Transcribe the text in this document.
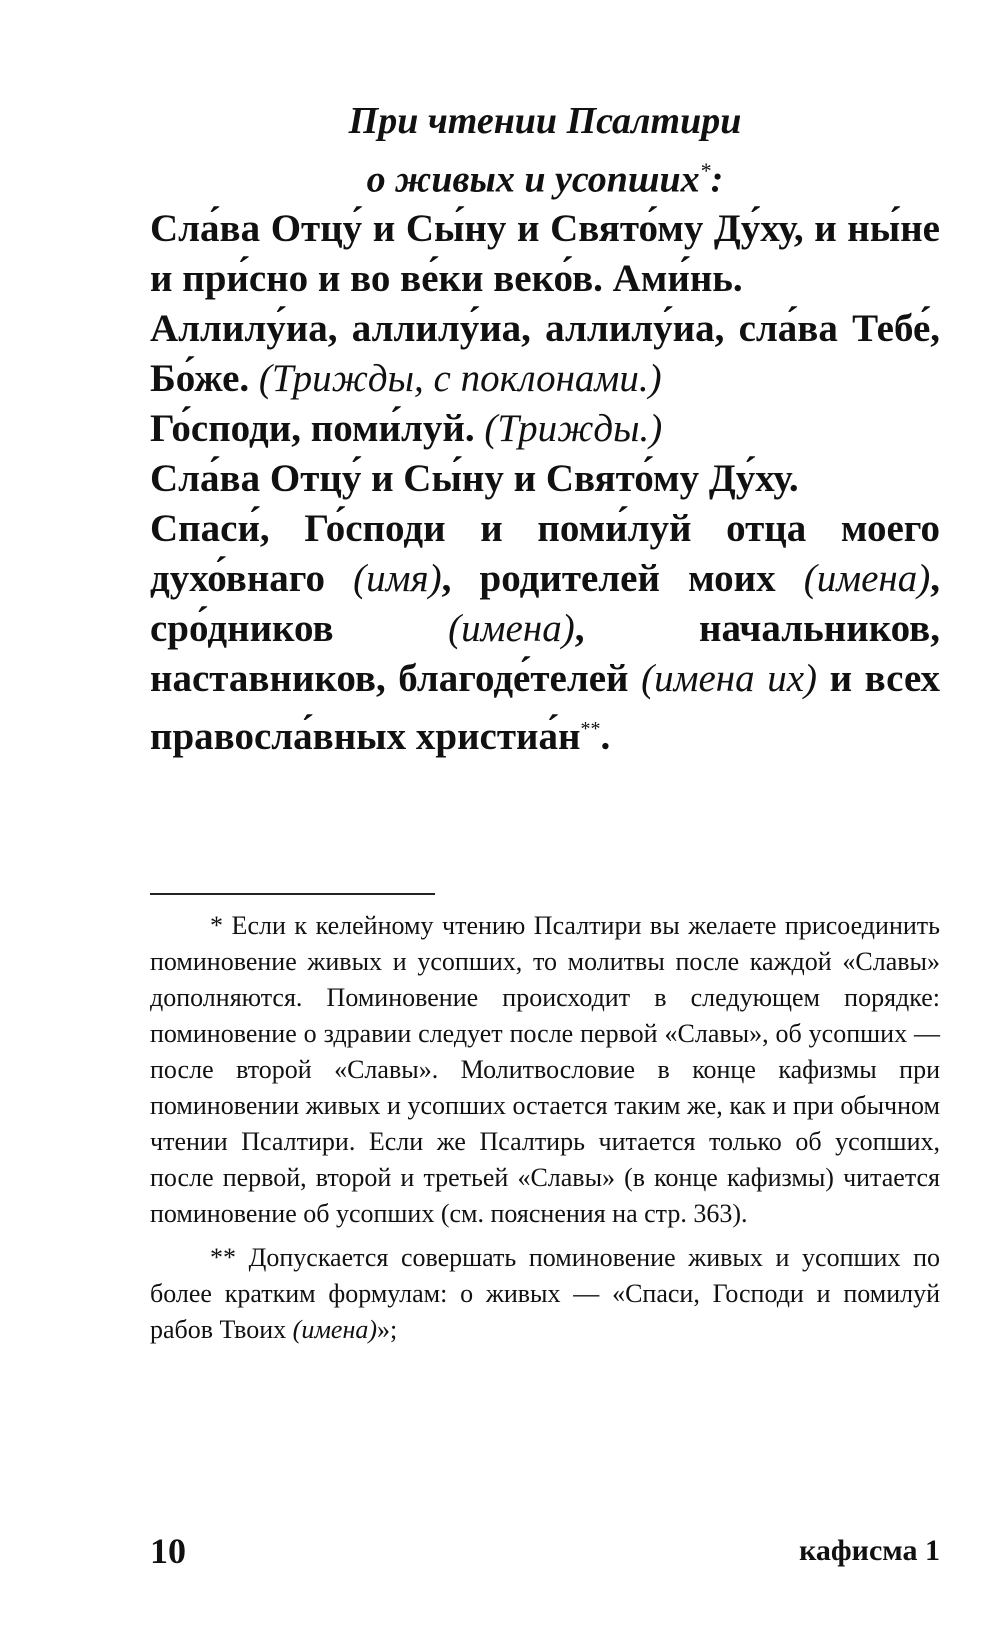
При чтении Псалтири
о живых и усопших*:

Сла́ва Отцу́ и Сы́ну и Свято́му Ду́ху, и ны́не и при́сно и во ве́ки веко́в. Ами́нь.

Аллилу́иа, аллилу́иа, аллилу́иа, сла́ва Тебе́, Бо́же. (Трижды, с поклонами.)

Го́споди, поми́луй. (Трижды.)

Сла́ва Отцу́ и Сы́ну и Свято́му Ду́ху.

Спаси́, Го́споди и поми́луй отца моего духо́внаго (имя), родителей моих (имена), сро́дников (имена), начальников, наставников, благоде́телей (имена их) и всех правосла́вных христиа́н**.

* Если к келейному чтению Псалтири вы желаете присоединить поминовение живых и усопших, то молитвы после каждой «Славы» дополняются. Поминовение происходит в следующем порядке: поминовение о здравии следует после первой «Славы», об усопших — после второй «Славы». Молитвословие в конце кафизмы при поминовении живых и усопших остается таким же, как и при обычном чтении Псалтири. Если же Псалтирь читается только об усопших, после первой, второй и третьей «Славы» (в конце кафизмы) читается поминовение об усопших (см. пояснения на стр. 363).

** Допускается совершать поминовение живых и усопших по более кратким формулам: о живых — «Спаси, Господи и помилуй рабов Твоих (имена)»;

10	кафисма 1
